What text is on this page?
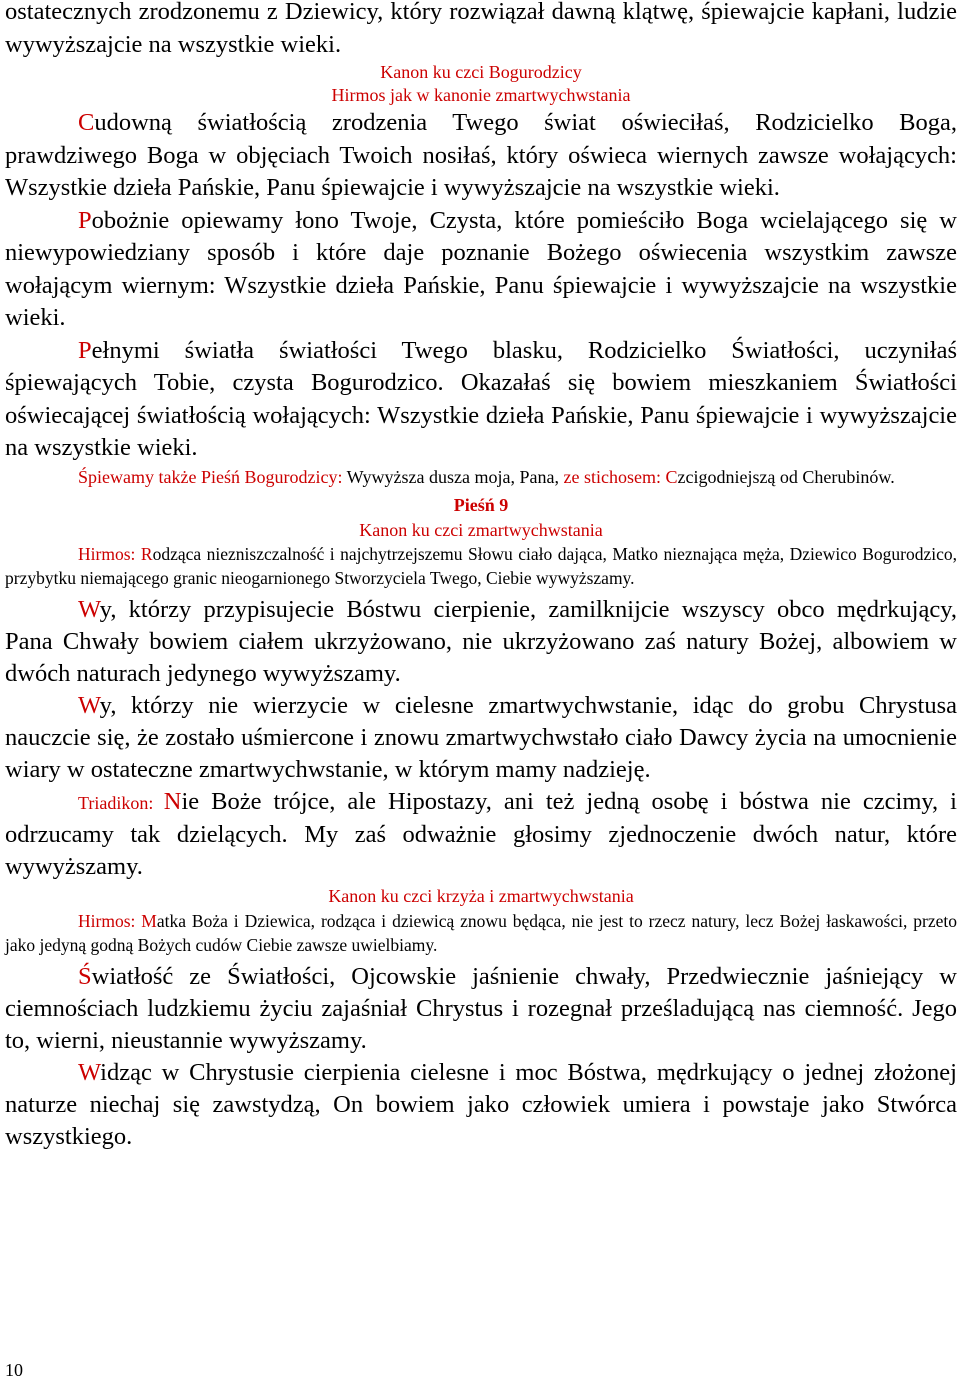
ostatecznych zrodzonemu z Dziewicy, który rozwiązał dawną klątwę, śpiewajcie kapłani, ludzie wywyższajcie na wszystkie wieki.

Kanon ku czci Bogurodzicy
Hirmos jak w kanonie zmartwychwstania

Cudowną światłością zrodzenia Twego świat oświeciłaś, Rodzicielko Boga, prawdziwego Boga w objęciach Twoich nosiłaś, który oświeca wiernych zawsze wołających: Wszystkie dzieła Pańskie, Panu śpiewajcie i wywyższajcie na wszystkie wieki.

Pobożnie opiewamy łono Twoje, Czysta, które pomieściło Boga wcielającego się w niewypowiedziany sposób i które daje poznanie Bożego oświecenia wszystkim zawsze wołającym wiernym: Wszystkie dzieła Pańskie, Panu śpiewajcie i wywyższajcie na wszystkie wieki.

Pełnymi światła światłości Twego blasku, Rodzicielko Światłości, uczyniłaś śpiewających Tobie, czysta Bogurodzico. Okazałaś się bowiem mieszkaniem Światłości oświecającej światłością wołających: Wszystkie dzieła Pańskie, Panu śpiewajcie i wywyższajcie na wszystkie wieki.

Śpiewamy także Pieśń Bogurodzicy: Wywyższa dusza moja, Pana, ze stichosem: Czcigodniejszą od Cherubinów.

Pieśń 9
Kanon ku czci zmartwychwstania

Hirmos: Rodząca niezniszczalność i najchytrzejszemu Słowu ciało dająca, Matko nieznająca męża, Dziewico Bogurodzico, przybytku niemającego granic nieogarnionego Stworzyciela Twego, Ciebie wywyższamy.

Wy, którzy przypisujecie Bóstwu cierpienie, zamilknijcie wszyscy obco mędrkujący, Pana Chwały bowiem ciałem ukrzyżowano, nie ukrzyżowano zaś natury Bożej, albowiem w dwóch naturach jedynego wywyższamy.

Wy, którzy nie wierzycie w cielesne zmartwychwstanie, idąc do grobu Chrystusa nauczcie się, że zostało uśmiercone i znowu zmartwychwstało ciało Dawcy życia na umocnienie wiary w ostateczne zmartwychwstanie, w którym mamy nadzieję.

Triadikon: Nie Boże trójce, ale Hipostazy, ani też jedną osobę i bóstwa nie czcimy, i odrzucamy tak dzielących. My zaś odważnie głosimy zjednoczenie dwóch natur, które wywyższamy.

Kanon ku czci krzyża i zmartwychwstania

Hirmos: Matka Boża i Dziewica, rodząca i dziewicą znowu będąca, nie jest to rzecz natury, lecz Bożej łaskawości, przeto jako jedyną godną Bożych cudów Ciebie zawsze uwielbiamy.

Światłość ze Światłości, Ojcowskie jaśnienie chwały, Przedwiecznie jaśniejący w ciemnościach ludzkiemu życiu zajaśniał Chrystus i rozegnał prześladującą nas ciemność. Jego to, wierni, nieustannie wywyższamy.

Widząc w Chrystusie cierpienia cielesne i moc Bóstwa, mędrkujący o jednej złożonej naturze niechaj się zawstydzą, On bowiem jako człowiek umiera i powstaje jako Stwórca wszystkiego.

10
